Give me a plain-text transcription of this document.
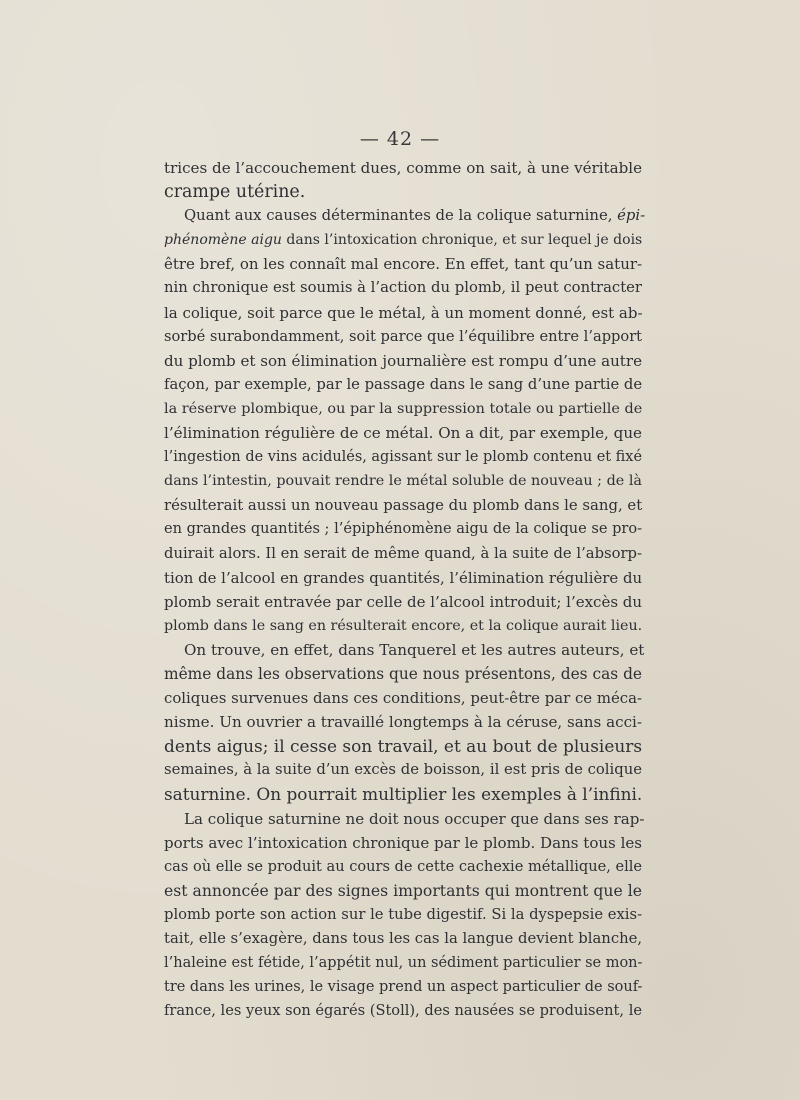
— 42 —
trices de l’accouchement dues, comme on sait, à une véritable
crampe utérine.
Quant aux causes déterminantes de la colique saturnine, épi-
phénomène aigu dans l’intoxication chronique, et sur lequel je dois
être bref, on les connaît mal encore. En effet, tant qu’un satur-
nin chronique est soumis à l’action du plomb, il peut contracter
la colique, soit parce que le métal, à un moment donné, est ab-
sorbé surabondamment, soit parce que l’équilibre entre l’apport
du plomb et son élimination journalière est rompu d’une autre
façon, par exemple, par le passage dans le sang d’une partie de
la réserve plombique, ou par la suppression totale ou partielle de
l’élimination régulière de ce métal. On a dit, par exemple, que
l’ingestion de vins acidulés, agissant sur le plomb contenu et fixé
dans l’intestin, pouvait rendre le métal soluble de nouveau ; de là
résulterait aussi un nouveau passage du plomb dans le sang, et
en grandes quantités ; l’épiphénomène aigu de la colique se pro-
duirait alors. Il en serait de même quand, à la suite de l’absorp-
tion de l’alcool en grandes quantités, l’élimination régulière du
plomb serait entravée par celle de l’alcool introduit; l’excès du
plomb dans le sang en résulterait encore, et la colique aurait lieu.
On trouve, en effet, dans Tanquerel et les autres auteurs, et
même dans les observations que nous présentons, des cas de
coliques survenues dans ces conditions, peut-être par ce méca-
nisme. Un ouvrier a travaillé longtemps à la céruse, sans acci-
dents aigus; il cesse son travail, et au bout de plusieurs
semaines, à la suite d’un excès de boisson, il est pris de colique
saturnine. On pourrait multiplier les exemples à l’infini.
La colique saturnine ne doit nous occuper que dans ses rap-
ports avec l’intoxication chronique par le plomb. Dans tous les
cas où elle se produit au cours de cette cachexie métallique, elle
est annoncée par des signes importants qui montrent que le
plomb porte son action sur le tube digestif. Si la dyspepsie exis-
tait, elle s’exagère, dans tous les cas la langue devient blanche,
l’haleine est fétide, l’appétit nul, un sédiment particulier se mon-
tre dans les urines, le visage prend un aspect particulier de souf-
france, les yeux son égarés (Stoll), des nausées se produisent, le
